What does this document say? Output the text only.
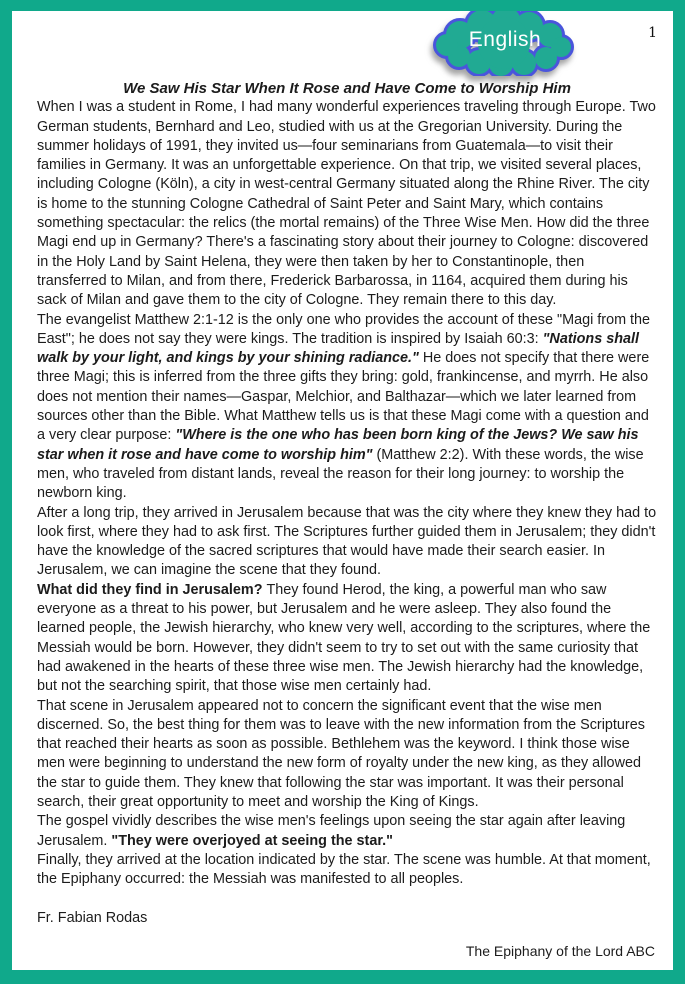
English	1
We Saw His Star When It Rose and Have Come to Worship Him
When I was a student in Rome, I had many wonderful experiences traveling through Europe. Two German students, Bernhard and Leo, studied with us at the Gregorian University. During the summer holidays of 1991, they invited us—four seminarians from Guatemala—to visit their families in Germany. It was an unforgettable experience. On that trip, we visited several places, including Cologne (Köln), a city in west-central Germany situated along the Rhine River. The city is home to the stunning Cologne Cathedral of Saint Peter and Saint Mary, which contains something spectacular: the relics (the mortal remains) of the Three Wise Men. How did the three Magi end up in Germany? There's a fascinating story about their journey to Cologne: discovered in the Holy Land by Saint Helena, they were then taken by her to Constantinople, then transferred to Milan, and from there, Frederick Barbarossa, in 1164, acquired them during his sack of Milan and gave them to the city of Cologne. They remain there to this day.
The evangelist Matthew 2:1-12 is the only one who provides the account of these "Magi from the East"; he does not say they were kings. The tradition is inspired by Isaiah 60:3: "Nations shall walk by your light, and kings by your shining radiance." He does not specify that there were three Magi; this is inferred from the three gifts they bring: gold, frankincense, and myrrh. He also does not mention their names—Gaspar, Melchior, and Balthazar—which we later learned from sources other than the Bible. What Matthew tells us is that these Magi come with a question and a very clear purpose: "Where is the one who has been born king of the Jews? We saw his star when it rose and have come to worship him" (Matthew 2:2). With these words, the wise men, who traveled from distant lands, reveal the reason for their long journey: to worship the newborn king.
After a long trip, they arrived in Jerusalem because that was the city where they knew they had to look first, where they had to ask first. The Scriptures further guided them in Jerusalem; they didn't have the knowledge of the sacred scriptures that would have made their search easier. In Jerusalem, we can imagine the scene that they found.
What did they find in Jerusalem? They found Herod, the king, a powerful man who saw everyone as a threat to his power, but Jerusalem and he were asleep. They also found the learned people, the Jewish hierarchy, who knew very well, according to the scriptures, where the Messiah would be born. However, they didn't seem to try to set out with the same curiosity that had awakened in the hearts of these three wise men. The Jewish hierarchy had the knowledge, but not the searching spirit, that those wise men certainly had.
That scene in Jerusalem appeared not to concern the significant event that the wise men discerned. So, the best thing for them was to leave with the new information from the Scriptures that reached their hearts as soon as possible. Bethlehem was the keyword. I think those wise men were beginning to understand the new form of royalty under the new king, as they allowed the star to guide them. They knew that following the star was important. It was their personal search, their great opportunity to meet and worship the King of Kings.
The gospel vividly describes the wise men's feelings upon seeing the star again after leaving Jerusalem. "They were overjoyed at seeing the star."
Finally, they arrived at the location indicated by the star. The scene was humble. At that moment, the Epiphany occurred: the Messiah was manifested to all peoples.
Fr. Fabian Rodas
The Epiphany of the Lord ABC
